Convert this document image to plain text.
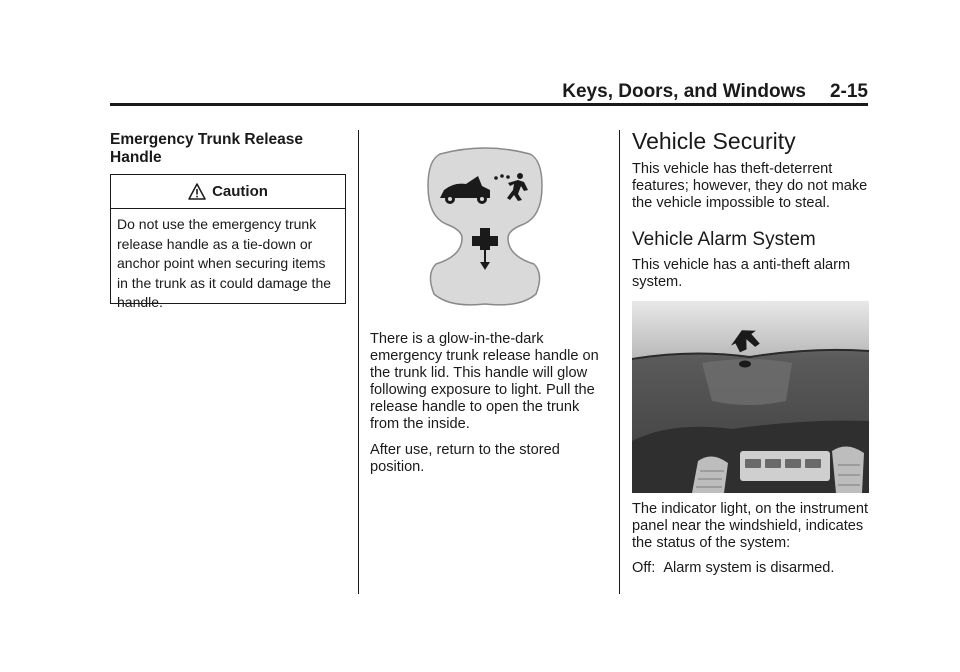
Keys, Doors, and Windows 2-15
Emergency Trunk Release Handle
Caution
Do not use the emergency trunk release handle as a tie-down or anchor point when securing items in the trunk as it could damage the handle.

There is a glow-in-the-dark emergency trunk release handle on the trunk lid. This handle will glow following exposure to light. Pull the release handle to open the trunk from the inside.

After use, return to the stored position.

Vehicle Security

This vehicle has theft-deterrent features; however, they do not make the vehicle impossible to steal.

Vehicle Alarm System

This vehicle has a anti-theft alarm system.

The indicator light, on the instrument panel near the windshield, indicates the status of the system:

Off: Alarm system is disarmed.
